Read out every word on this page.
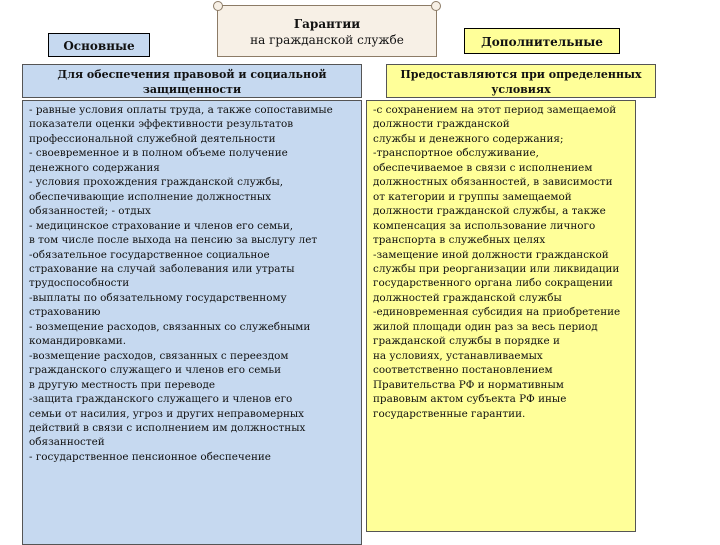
Основные
Гарантии
на гражданской службе	Дополнительные
Для обеспечения правовой и социальной
защищенности
Предоставляются при определенных
условиях
- равные условия оплаты труда, а также сопоставимые
показатели оценки эффективности результатов
профессиональной служебной деятельности
- своевременное и в полном объеме получение
денежного содержания
- условия прохождения гражданской службы,
обеспечивающие исполнение должностных
обязанностей; - отдых
- медицинское страхование и членов его семьи,
в том числе после выхода на пенсию за выслугу лет
-обязательное государственное социальное
страхование на случай заболевания или утраты
трудоспособности
-выплаты по обязательному государственному
страхованию
- возмещение расходов, связанных со служебными
командировками.
-возмещение расходов, связанных с переездом
гражданского служащего и членов его семьи
в другую местность при переводе
-защита гражданского служащего и членов его
семьи от насилия, угроз и других неправомерных
действий в связи с исполнением им должностных
обязанностей
- государственное пенсионное обеспечение
-с сохранением на этот период замещаемой
должности гражданской
службы и денежного содержания;
-транспортное обслуживание,
обеспечиваемое в связи с исполнением
должностных обязанностей, в зависимости
от категории и группы замещаемой
должности гражданской службы, а также
компенсация за использование личного
транспорта в служебных целях
-замещение иной должности гражданской
службы при реорганизации или ликвидации
государственного органа либо сокращении
должностей гражданской службы
-единовременная субсидия на приобретение
жилой площади один раз за весь период
гражданской службы в порядке и
на условиях, устанавливаемых
соответственно постановлением
Правительства РФ и нормативным
правовым актом субъекта РФ иные
государственные гарантии.
